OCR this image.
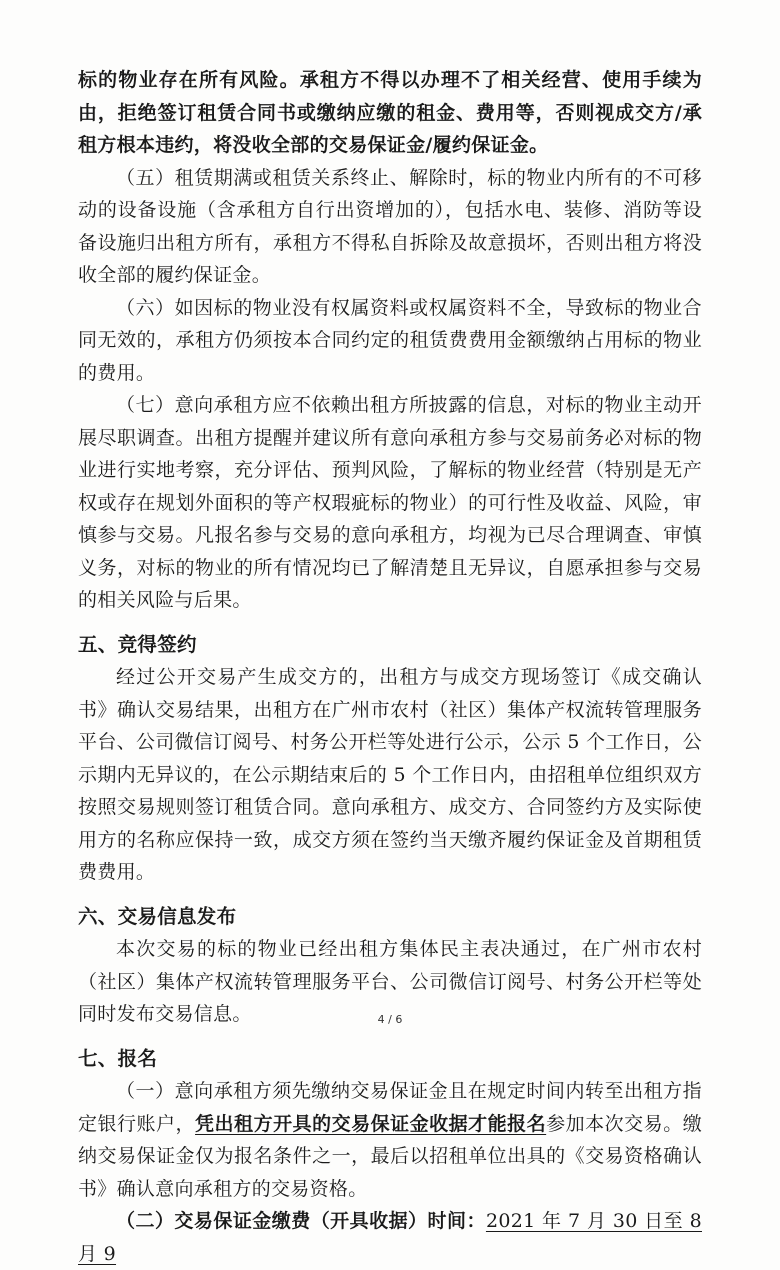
标的物业存在所有风险。承租方不得以办理不了相关经营、使用手续为由，拒绝签订租赁合同书或缴纳应缴的租金、费用等，否则视成交方/承租方根本违约，将没收全部的交易保证金/履约保证金。

（五）租赁期满或租赁关系终止、解除时，标的物业内所有的不可移动的设备设施（含承租方自行出资增加的），包括水电、装修、消防等设备设施归出租方所有，承租方不得私自拆除及故意损坏，否则出租方将没收全部的履约保证金。

（六）如因标的物业没有权属资料或权属资料不全，导致标的物业合同无效的，承租方仍须按本合同约定的租赁费费用金额缴纳占用标的物业的费用。

（七）意向承租方应不依赖出租方所披露的信息，对标的物业主动开展尽职调查。出租方提醒并建议所有意向承租方参与交易前务必对标的物业进行实地考察，充分评估、预判风险，了解标的物业经营（特别是无产权或存在规划外面积的等产权瑕疵标的物业）的可行性及收益、风险，审慎参与交易。凡报名参与交易的意向承租方，均视为已尽合理调查、审慎义务，对标的物业的所有情况均已了解清楚且无异议，自愿承担参与交易的相关风险与后果。

五、竞得签约

经过公开交易产生成交方的，出租方与成交方现场签订《成交确认书》确认交易结果，出租方在广州市农村（社区）集体产权流转管理服务平台、公司微信订阅号、村务公开栏等处进行公示，公示 5 个工作日，公示期内无异议的，在公示期结束后的 5 个工作日内，由招租单位组织双方按照交易规则签订租赁合同。意向承租方、成交方、合同签约方及实际使用方的名称应保持一致，成交方须在签约当天缴齐履约保证金及首期租赁费费用。

六、交易信息发布

本次交易的标的物业已经出租方集体民主表决通过，在广州市农村（社区）集体产权流转管理服务平台、公司微信订阅号、村务公开栏等处同时发布交易信息。

七、报名

（一）意向承租方须先缴纳交易保证金且在规定时间内转至出租方指定银行账户，凭出租方开具的交易保证金收据才能报名参加本次交易。缴纳交易保证金仅为报名条件之一，最后以招租单位出具的《交易资格确认书》确认意向承租方的交易资格。

（二）交易保证金缴费（开具收据）时间：2021 年 7 月 30 日至 8 月 9

4 / 6
